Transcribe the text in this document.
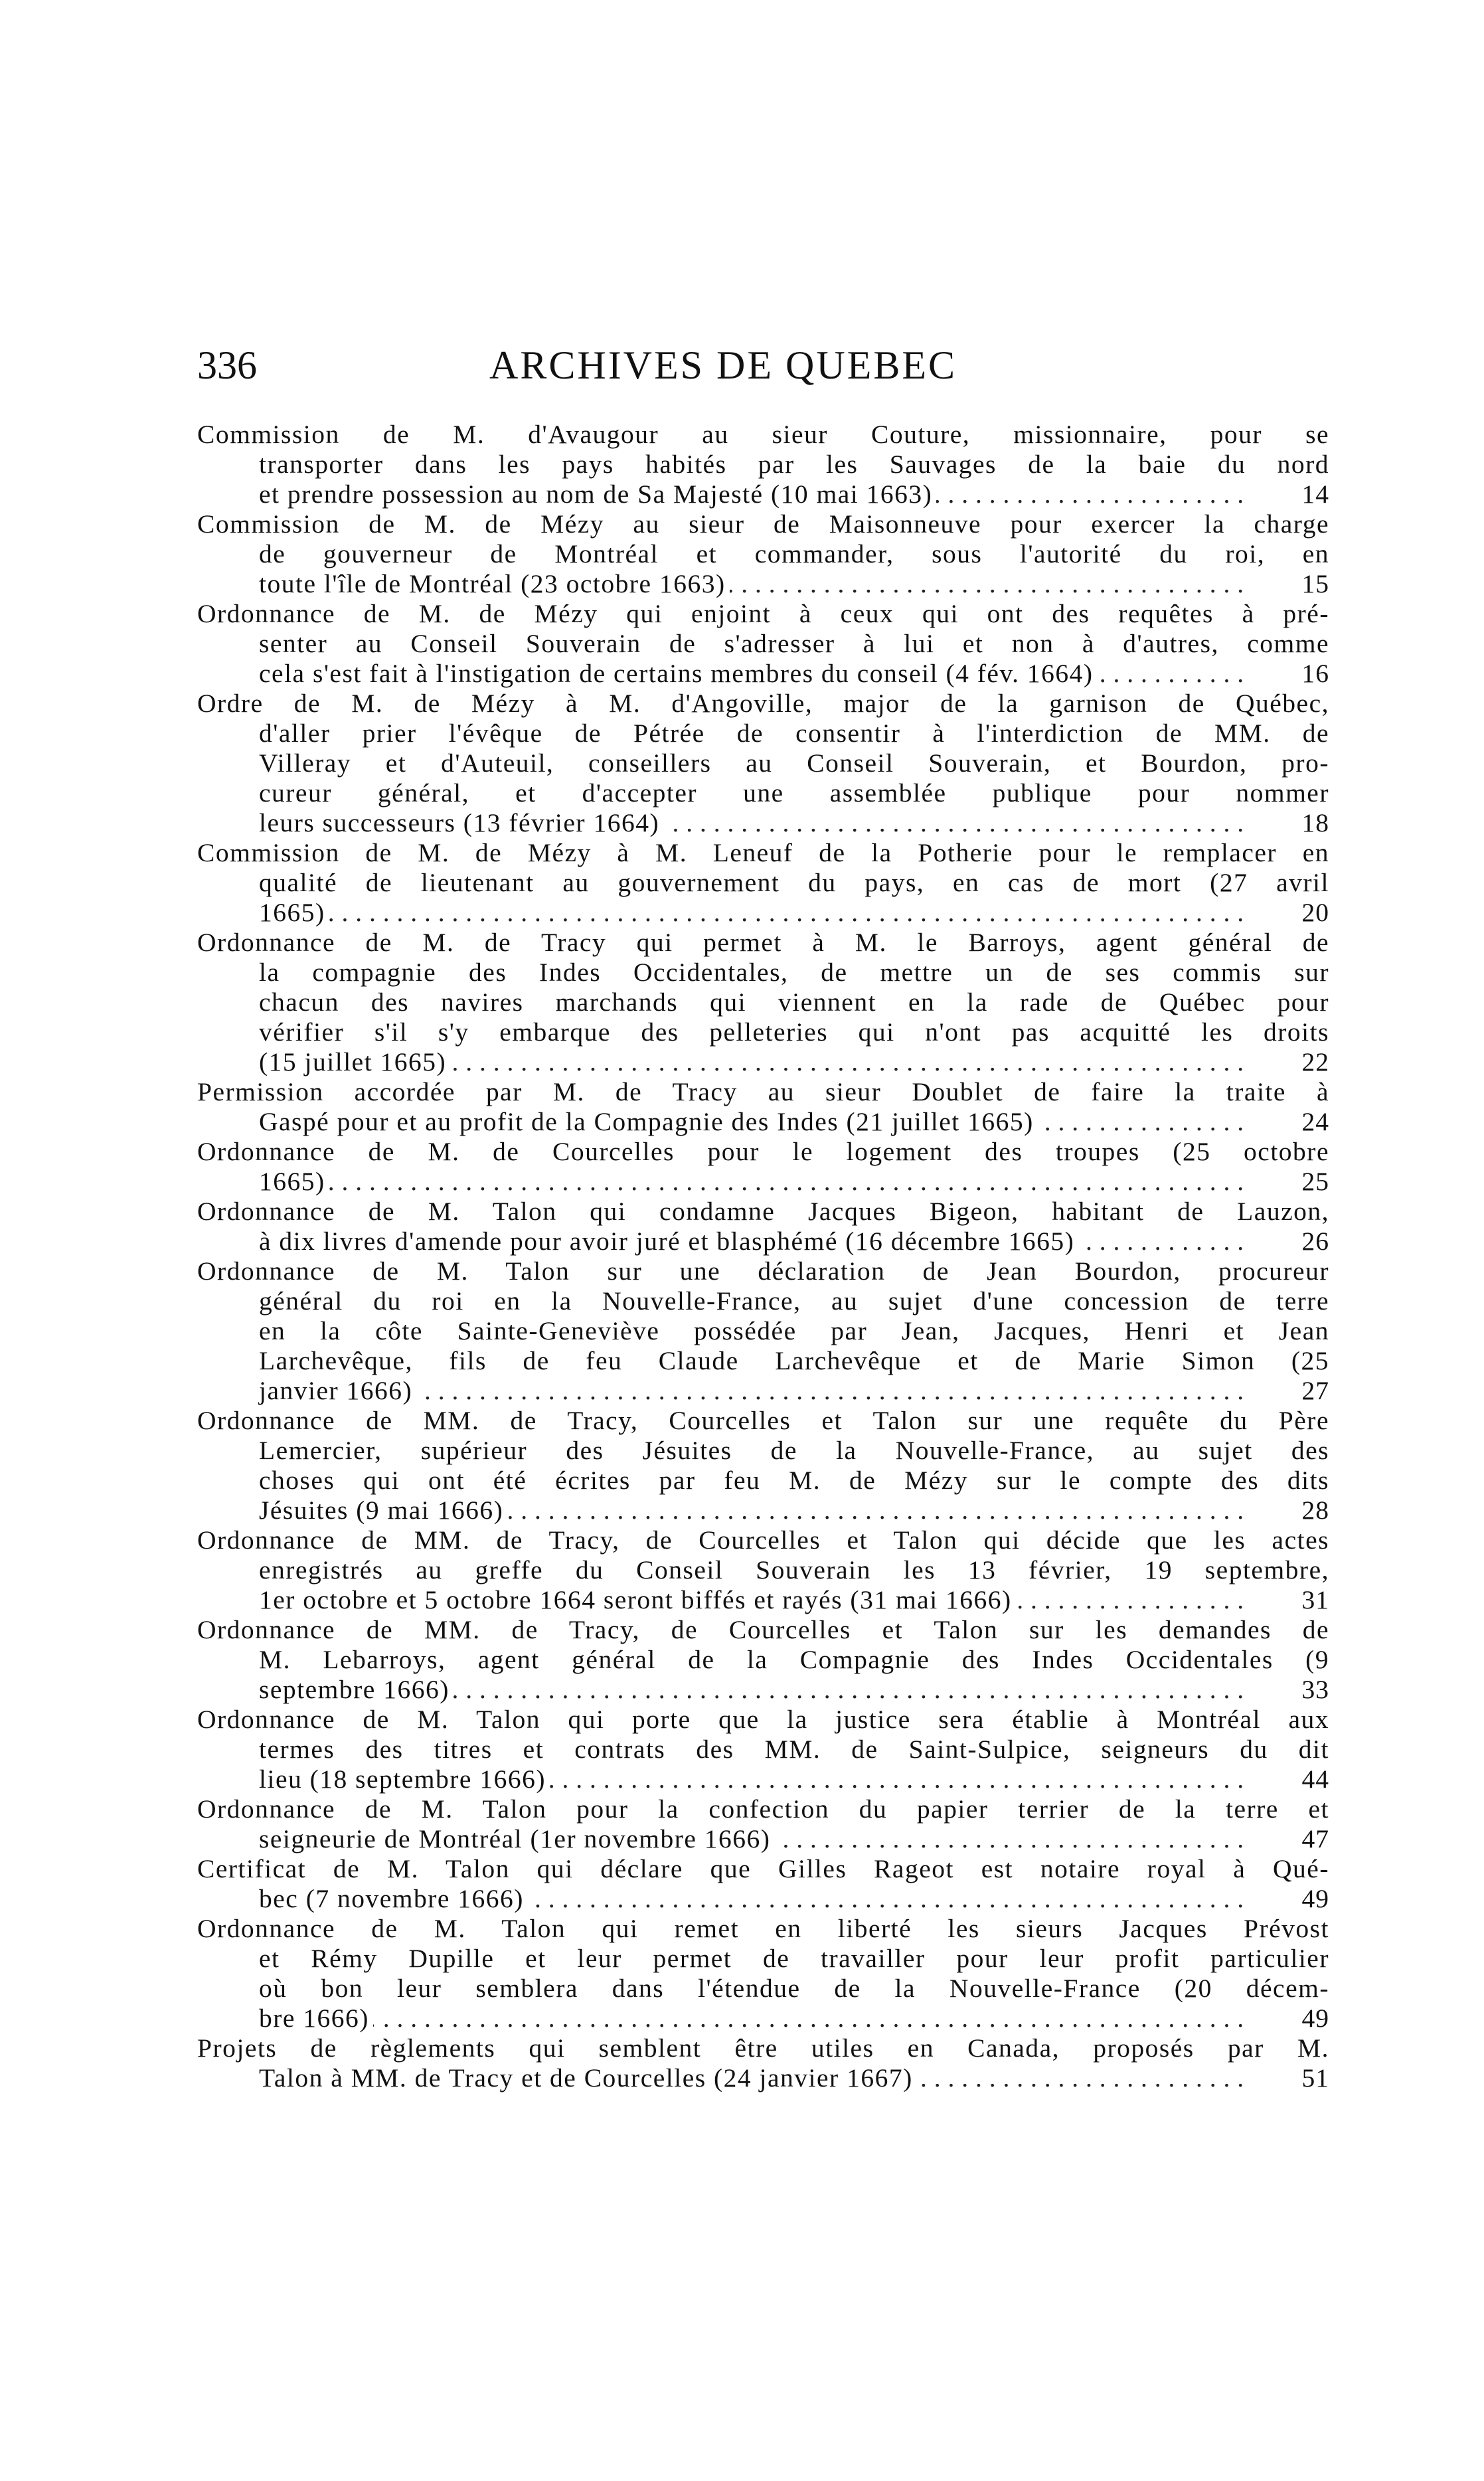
336	ARCHIVES DE QUEBEC
Commission de M. d'Avaugour au sieur Couture, missionnaire, pour se
transporter dans les pays habités par les Sauvages de la baie du nord
et prendre possession au nom de Sa Majesté (10 mai 1663)	14
. . .
Commission de M. de Mézy au sieur de Maisonneuve pour exercer la charge
de gouverneur de Montréal et commander, sous l'autorité du roi, en
toute l'île de Montréal (23 octobre 1663)	15
. . .
Ordonnance de M. de Mézy qui enjoint à ceux qui ont des requêtes à pré-
senter au Conseil Souverain de s'adresser à lui et non à d'autres, comme
cela s'est fait à l'instigation de certains membres du conseil (4 fév. 1664)	16
. . .
Ordre de M. de Mézy à M. d'Angoville, major de la garnison de Québec,
d'aller prier l'évêque de Pétrée de consentir à l'interdiction de MM. de
Villeray et d'Auteuil, conseillers au Conseil Souverain, et Bourdon, pro-
cureur général, et d'accepter une assemblée publique pour nommer
leurs successeurs (13 février 1664)	18
. . .
Commission de M. de Mézy à M. Leneuf de la Potherie pour le remplacer en
qualité de lieutenant au gouvernement du pays, en cas de mort (27 avril
1665)	20
. . .
Ordonnance de M. de Tracy qui permet à M. le Barroys, agent général de
la compagnie des Indes Occidentales, de mettre un de ses commis sur
chacun des navires marchands qui viennent en la rade de Québec pour
vérifier s'il s'y embarque des pelleteries qui n'ont pas acquitté les droits
(15 juillet 1665)	22
. . .
Permission accordée par M. de Tracy au sieur Doublet de faire la traite à
Gaspé pour et au profit de la Compagnie des Indes (21 juillet 1665)	24
. . .
Ordonnance de M. de Courcelles pour le logement des troupes (25 octobre
1665)	25
. . .
Ordonnance de M. Talon qui condamne Jacques Bigeon, habitant de Lauzon,
à dix livres d'amende pour avoir juré et blasphémé (16 décembre 1665)	26
. . .
Ordonnance de M. Talon sur une déclaration de Jean Bourdon, procureur
général du roi en la Nouvelle-France, au sujet d'une concession de terre
en la côte Sainte-Geneviève possédée par Jean, Jacques, Henri et Jean
Larchevêque, fils de feu Claude Larchevêque et de Marie Simon (25
janvier 1666)	27
. . .
Ordonnance de MM. de Tracy, Courcelles et Talon sur une requête du Père
Lemercier, supérieur des Jésuites de la Nouvelle-France, au sujet des
choses qui ont été écrites par feu M. de Mézy sur le compte des dits
Jésuites (9 mai 1666)	28
. . .
Ordonnance de MM. de Tracy, de Courcelles et Talon qui décide que les actes
enregistrés au greffe du Conseil Souverain les 13 février, 19 septembre,
1er octobre et 5 octobre 1664 seront biffés et rayés (31 mai 1666)	31
. . .
Ordonnance de MM. de Tracy, de Courcelles et Talon sur les demandes de
M. Lebarroys, agent général de la Compagnie des Indes Occidentales (9
septembre 1666)	33
. . .
Ordonnance de M. Talon qui porte que la justice sera établie à Montréal aux
termes des titres et contrats des MM. de Saint-Sulpice, seigneurs du dit
lieu (18 septembre 1666)	44
. . .
Ordonnance de M. Talon pour la confection du papier terrier de la terre et
seigneurie de Montréal (1er novembre 1666)	47
. . .
Certificat de M. Talon qui déclare que Gilles Rageot est notaire royal à Qué-
bec (7 novembre 1666)	49
. . .
Ordonnance de M. Talon qui remet en liberté les sieurs Jacques Prévost
et Rémy Dupille et leur permet de travailler pour leur profit particulier
où bon leur semblera dans l'étendue de la Nouvelle-France (20 décem-
bre 1666)	49
. . .
Projets de règlements qui semblent être utiles en Canada, proposés par M.
Talon à MM. de Tracy et de Courcelles (24 janvier 1667)	51
. . .
